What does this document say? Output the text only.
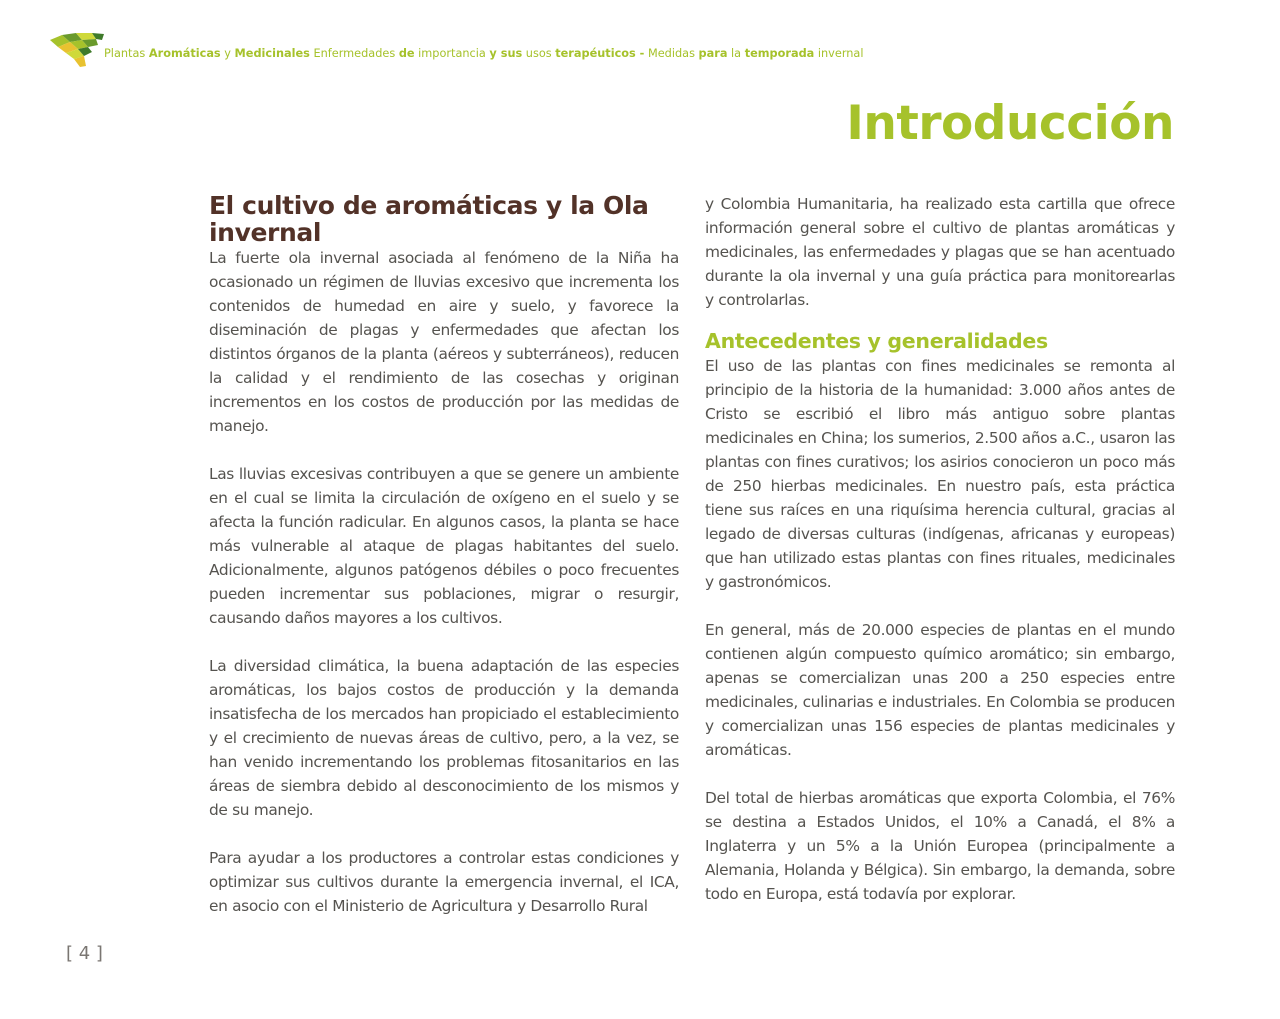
Plantas Aromáticas y Medicinales Enfermedades de importancia y sus usos terapéuticos - Medidas para la temporada invernal
Introducción
El cultivo de aromáticas y la Ola invernal

La fuerte ola invernal asociada al fenómeno de la Niña ha ocasionado un régimen de lluvias excesivo que incrementa los contenidos de humedad en aire y suelo, y favorece la diseminación de plagas y enfermedades que afectan los distintos órganos de la planta (aéreos y subterráneos), reducen la calidad y el rendimiento de las cosechas y originan incrementos en los costos de producción por las medidas de manejo.

Las lluvias excesivas contribuyen a que se genere un ambiente en el cual se limita la circulación de oxígeno en el suelo y se afecta la función radicular. En algunos casos, la planta se hace más vulnerable al ataque de plagas habitantes del suelo. Adicionalmente, algunos patógenos débiles o poco frecuentes pueden incrementar sus poblaciones, migrar o resurgir, causando daños mayores a los cultivos.

La diversidad climática, la buena adaptación de las especies aromáticas, los bajos costos de producción y la demanda insatisfecha de los mercados han propiciado el establecimiento y el crecimiento de nuevas áreas de cultivo, pero, a la vez, se han venido incrementando los problemas fitosanitarios en las áreas de siembra debido al desconocimiento de los mismos y de su manejo.

Para ayudar a los productores a controlar estas condiciones y optimizar sus cultivos durante la emergencia invernal, el ICA, en asocio con el Ministerio de Agricultura y Desarrollo Rural

y Colombia Humanitaria, ha realizado esta cartilla que ofrece información general sobre el cultivo de plantas aromáticas y medicinales, las enfermedades y plagas que se han acentuado durante la ola invernal y una guía práctica para monitorearlas y controlarlas.

Antecedentes y generalidades

El uso de las plantas con fines medicinales se remonta al principio de la historia de la humanidad: 3.000 años antes de Cristo se escribió el libro más antiguo sobre plantas medicinales en China; los sumerios, 2.500 años a.C., usaron las plantas con fines curativos; los asirios conocieron un poco más de 250 hierbas medicinales. En nuestro país, esta práctica tiene sus raíces en una riquísima herencia cultural, gracias al legado de diversas culturas (indígenas, africanas y europeas) que han utilizado estas plantas con fines rituales, medicinales y gastronómicos.

En general, más de 20.000 especies de plantas en el mundo contienen algún compuesto químico aromático; sin embargo, apenas se comercializan unas 200 a 250 especies entre medicinales, culinarias e industriales. En Colombia se producen y comercializan unas 156 especies de plantas medicinales y aromáticas.

Del total de hierbas aromáticas que exporta Colombia, el 76% se destina a Estados Unidos, el 10% a Canadá, el 8% a Inglaterra y un 5% a la Unión Europea (principalmente a Alemania, Holanda y Bélgica). Sin embargo, la demanda, sobre todo en Europa, está todavía por explorar.

[ 4 ]
